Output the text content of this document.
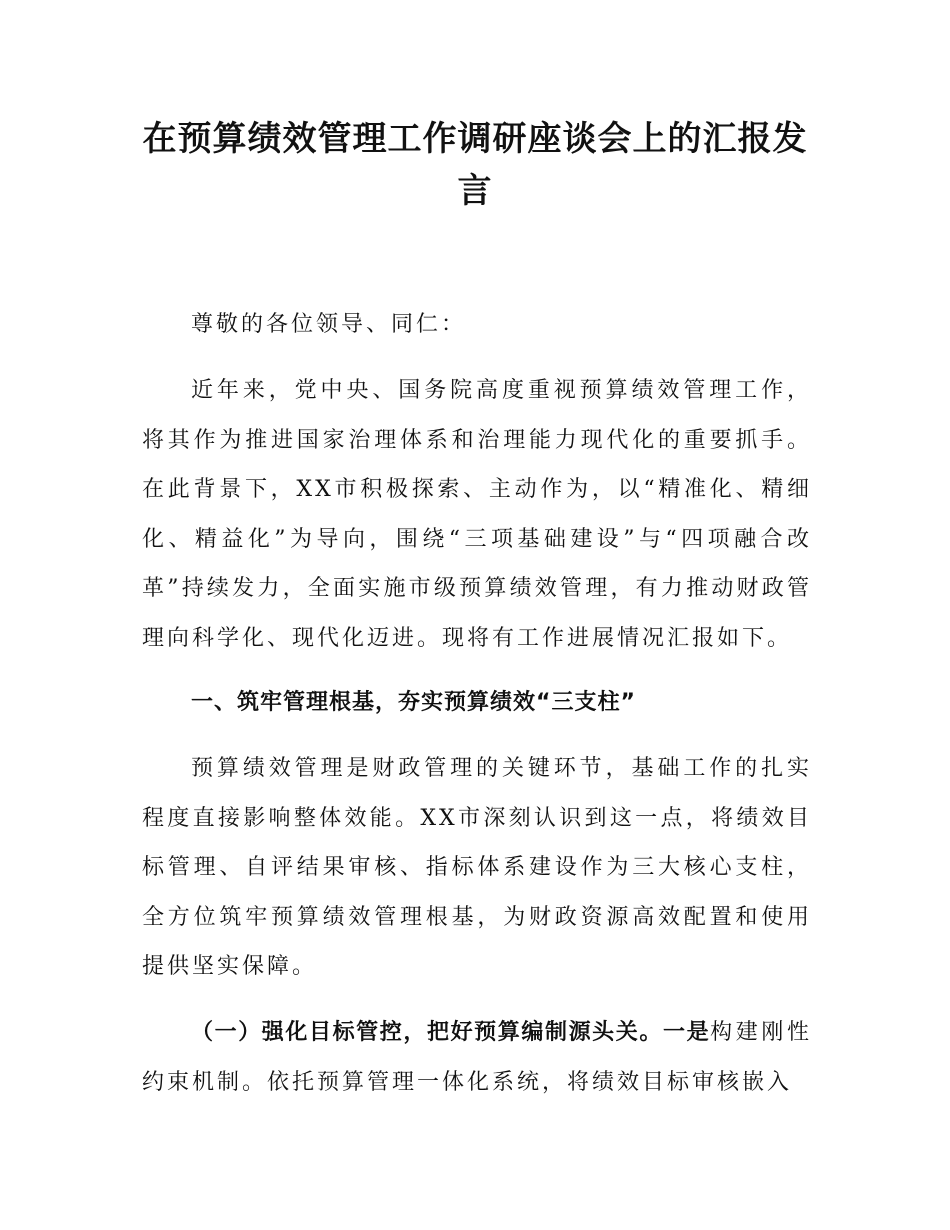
在预算绩效管理工作调研座谈会上的汇报发言

尊敬的各位领导、同仁：

近年来，党中央、国务院高度重视预算绩效管理工作，将其作为推进国家治理体系和治理能力现代化的重要抓手。在此背景下，XX市积极探索、主动作为，以“精准化、精细化、精益化”为导向，围绕“三项基础建设”与“四项融合改革”持续发力，全面实施市级预算绩效管理，有力推动财政管理向科学化、现代化迈进。现将有工作进展情况汇报如下。

一、筑牢管理根基，夯实预算绩效“三支柱”

预算绩效管理是财政管理的关键环节，基础工作的扎实程度直接影响整体效能。XX市深刻认识到这一点，将绩效目标管理、自评结果审核、指标体系建设作为三大核心支柱，全方位筑牢预算绩效管理根基，为财政资源高效配置和使用提供坚实保障。

（一）强化目标管控，把好预算编制源头关。一是构建刚性约束机制。依托预算管理一体化系统，将绩效目标审核嵌入
